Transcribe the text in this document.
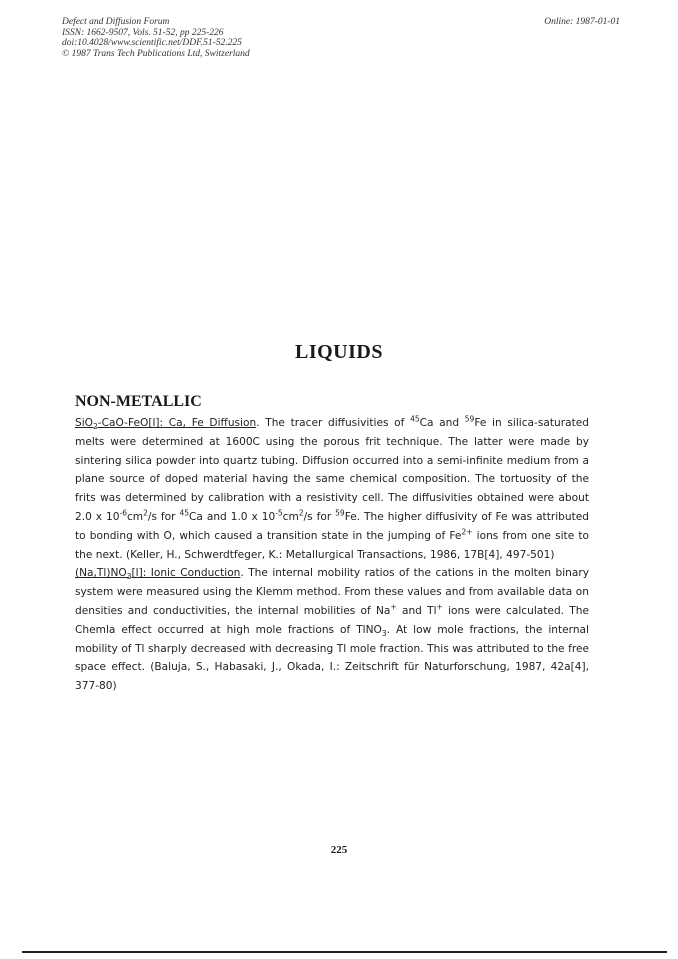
Defect and Diffusion Forum
ISSN: 1662-9507, Vols. 51-52, pp 225-226
doi:10.4028/www.scientific.net/DDF.51-52.225
© 1987 Trans Tech Publications Ltd, Switzerland
Online: 1987-01-01
LIQUIDS
NON-METALLIC

SiO$_2$-CaO-FeO[l]: Ca, Fe Diffusion. The tracer diffusivities of $^{45}$Ca and $^{59}$Fe in silica-saturated melts were determined at 1600C using the porous frit technique. The latter were made by sintering silica powder into quartz tubing. Diffusion occurred into a semi-infinite medium from a plane source of doped material having the same chemical composition. The tortuosity of the frits was determined by calibration with a resistivity cell. The diffusivities obtained were about 2.0 x $10^{-6}cm^2/s$ for $^{45}$Ca and 1.0 x $10^{-5}cm^2/s$ for $^{59}$Fe. The higher diffusivity of Fe was attributed to bonding with O, which caused a transition state in the jumping of $Fe^{2+}$ ions from one site to the next. (Keller, H., Schwerdtfeger, K.: Metallurgical Transactions, 1986, 17B[4], 497-501)

$(Na,Tl)NO_3[l]$: Ionic Conduction. The internal mobility ratios of the cations in the molten binary system were measured using the Klemm method. From these values and from available data on densities and conductivities, the internal mobilities of Na+ and Tl+ ions were calculated. The Chemla effect occurred at high mole fractions of TlNO$_3$. At low mole fractions, the internal mobility of Tl sharply decreased with decreasing Tl mole fraction. This was attributed to the free space effect. (Baluja, S., Habasaki, J., Okada, I.: Zeitschrift für Naturforschung, 1987, 42a[4], 377-80)

225
